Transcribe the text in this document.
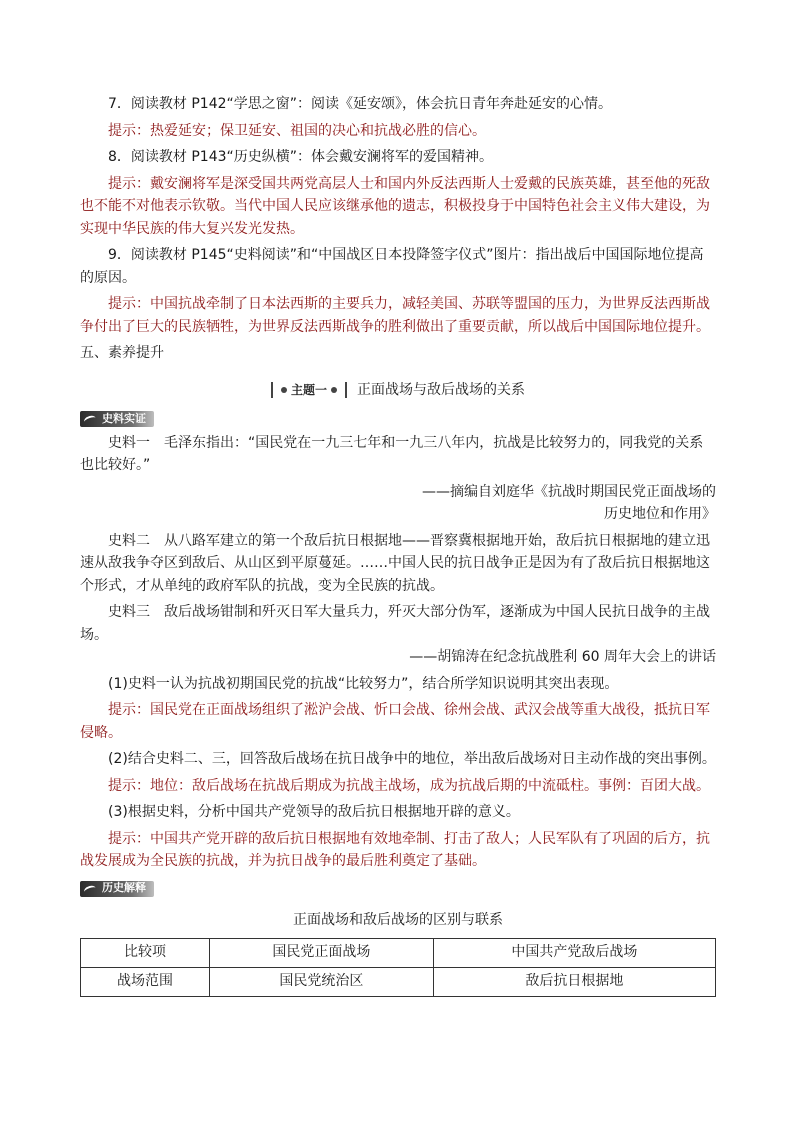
7．阅读教材 P142“学思之窗”：阅读《延安颂》，体会抗日青年奔赴延安的心情。

提示：热爱延安；保卫延安、祖国的决心和抗战必胜的信心。

8．阅读教材 P143“历史纵横”：体会戴安澜将军的爱国精神。

提示：戴安澜将军是深受国共两党高层人士和国内外反法西斯人士爱戴的民族英雄，甚至他的死敌也不能不对他表示钦敬。当代中国人民应该继承他的遗志，积极投身于中国特色社会主义伟大建设，为实现中华民族的伟大复兴发光发热。

9．阅读教材 P145“史料阅读”和“中国战区日本投降签字仪式”图片：指出战后中国国际地位提高的原因。

提示：中国抗战牵制了日本法西斯的主要兵力，减轻美国、苏联等盟国的压力，为世界反法西斯战争付出了巨大的民族牺牲，为世界反法西斯战争的胜利做出了重要贡献，所以战后中国国际地位提升。

五、素养提升

主题一 正面战场与敌后战场的关系
史料实证

史料一　毛泽东指出：“国民党在一九三七年和一九三八年内，抗战是比较努力的，同我党的关系也比较好。”

——摘编自刘庭华《抗战时期国民党正面战场的

历史地位和作用》

史料二　从八路军建立的第一个敌后抗日根据地——晋察冀根据地开始，敌后抗日根据地的建立迅速从敌我争夺区到敌后、从山区到平原蔓延。……中国人民的抗日战争正是因为有了敌后抗日根据地这个形式，才从单纯的政府军队的抗战，变为全民族的抗战。

史料三　敌后战场钳制和歼灭日军大量兵力，歼灭大部分伪军，逐渐成为中国人民抗日战争的主战场。

——胡锦涛在纪念抗战胜利 60 周年大会上的讲话

(1)史料一认为抗战初期国民党的抗战“比较努力”，结合所学知识说明其突出表现。

提示：国民党在正面战场组织了淞沪会战、忻口会战、徐州会战、武汉会战等重大战役，抵抗日军侵略。

(2)结合史料二、三，回答敌后战场在抗日战争中的地位，举出敌后战场对日主动作战的突出事例。

提示：地位：敌后战场在抗战后期成为抗战主战场，成为抗战后期的中流砥柱。事例：百团大战。

(3)根据史料，分析中国共产党领导的敌后抗日根据地开辟的意义。

提示：中国共产党开辟的敌后抗日根据地有效地牵制、打击了敌人；人民军队有了巩固的后方，抗战发展成为全民族的抗战，并为抗日战争的最后胜利奠定了基础。

历史解释
正面战场和敌后战场的区别与联系
比较项	国民党正面战场	中国共产党敌后战场
战场范围	国民党统治区	敌后抗日根据地
